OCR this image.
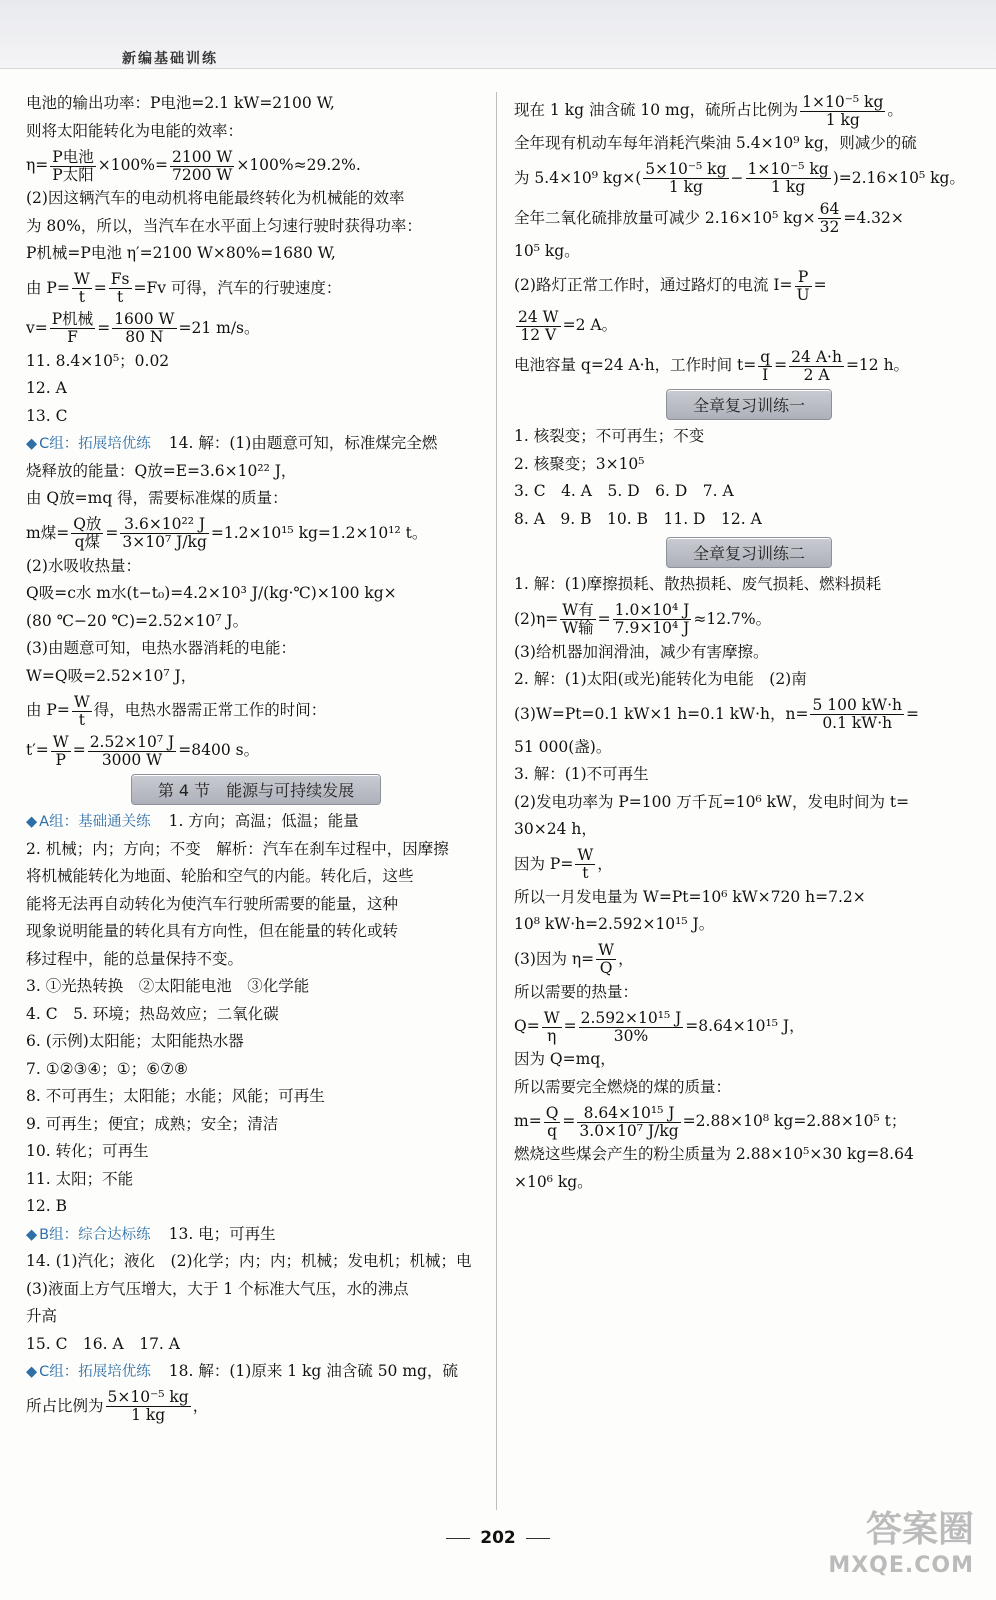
新编基础训练
电池的输出功率：P电池=2.1 kW=2100 W,
则将太阳能转化为电能的效率：
$\eta= \frac{\text{P电池}}{\text{P太阳}} \times 100\%= \frac{2100 W}{7200 W} \times 100\%\approx 29.2\%$.
(2)因这辆汽车的电动机将电能最终转化为机械能的效率
为 80%，所以，当汽车在水平面上匀速行驶时获得功率：
P机械=P电池 η′=2100 W×80%=1680 W,
由 $P= \frac{W}{t} = \frac{Fs}{t} =Fv$ 可得，汽车的行驶速度：
$v= \frac{\text{P机械}}{F} = \frac{1600 W}{80 N} =21$ m/s。
11. 8.4×10⁵；0.02
12. A
13. C
◆ C组：拓展培优练 14. 解：(1)由题意可知，标准煤完全燃
烧释放的能量：Q放=E=3.6×10²² J，
由 Q放=mq 得，需要标准煤的质量：
m煤= $\frac{\text{Q放}}{\text{q煤}} = \frac{\text{3.6×10²² J}}{\text{3×10⁷ J/kg}} =1.2\times 10^{15}$ kg=1.2×10¹² t。
(2)水吸收热量：
Q吸=c水 m水(t−t₀)=4.2×10³ J/(kg·℃)×100 kg×
(80 ℃−20 ℃)=2.52×10⁷ J。
(3)由题意可知，电热水器消耗的电能：
W=Q吸=2.52×10⁷ J，
由 $P= \frac{W}{t}$ 得，电热水器需正常工作的时间：
$t'= \frac{W}{P} = \frac{\text{2.52×10⁷ J}}{3000 W} =8400$ s。
第 4 节　能源与可持续发展
◆ A组：基础通关练 1. 方向；高温；低温；能量
2. 机械；内；方向；不变　解析：汽车在刹车过程中，因摩擦
将机械能转化为地面、轮胎和空气的内能。转化后，这些
能将无法再自动转化为使汽车行驶所需要的能量，这种
现象说明能量的转化具有方向性，但在能量的转化或转
移过程中，能的总量保持不变。
3. ①光热转换　②太阳能电池　③化学能
4. C　5. 环境；热岛效应；二氧化碳
6. (示例)太阳能；太阳能热水器
7. ①②③④；①；⑥⑦⑧
8. 不可再生；太阳能；水能；风能；可再生
9. 可再生；便宜；成熟；安全；清洁
10. 转化；可再生
11. 太阳；不能
12. B
◆ B组：综合达标练 13. 电；可再生
14. (1)汽化；液化　(2)化学；内；内；机械；发电机；机械；电
(3)液面上方气压增大，大于 1 个标准大气压，水的沸点
升高
15. C　16. A　17. A
◆ C组：拓展培优练 18. 解：(1)原来 1 kg 油含硫 50 mg，硫
所占比例为 $\frac{\text{5×10⁻⁵ kg}}{1 kg}$ ，
现在 1 kg 油含硫 10 mg，硫所占比例为 $\frac{\text{1×10⁻⁵ kg}}{1 kg}$ 。
全年现有机动车每年消耗汽柴油 5.4×10⁹ kg，则减少的硫
为 5.4×10⁹ $kg\times( \frac{\text{5×10⁻⁵ kg}}{1 kg} - \frac{\text{1×10⁻⁵ kg}}{1 kg} )=2.16\times 10^5$ kg。
全年二氧化硫排放量可减少 2.16×10⁵ $kg\times \frac{64}{32} =4.32\times$
10⁵ kg。
(2)路灯正常工作时，通过路灯的电流 $I= \frac{P}{U}$ =
$\frac{24 W}{12 V} =2$ A。
电池容量 q=24 A·h，工作时间 $t= \frac{q}{I} = \frac{24 A\cdot h}{2 A} =12$ h。
全章复习训练一
1. 核裂变；不可再生；不变
2. 核聚变；3×10⁵
3. C　4. A　5. D　6. D　7. A
8. A　9. B　10. B　11. D　12. A
全章复习训练二
1. 解：(1)摩擦损耗、散热损耗、废气损耗、燃料损耗
$(2)\eta= \frac{\text{W有}}{\text{W输}} = \frac{\text{1.0×10⁴ J}}{\text{7.9×10⁴ J}} \approx 12.7\%$。
(3)给机器加润滑油，减少有害摩擦。
2. 解：(1)太阳(或光)能转化为电能　(2)南
(3)W=Pt=0.1 kW×1 h=0.1 kW·h，$n= \frac{5 100 kW\cdot h}{0.1 kW\cdot h}$ =
51 000(盏)。
3. 解：(1)不可再生
(2)发电功率为 P=100 万千瓦=10⁶ kW，发电时间为 t=
30×24 h，
因为 $P= \frac{W}{t}$ ，
所以一月发电量为 W=Pt=10⁶ kW×720 h=7.2×
10⁸ kW·h=2.592×10¹⁵ J。
(3)因为 $\eta= \frac{W}{Q}$ ，
所以需要的热量：
$Q= \frac{W}{\eta} = \frac{\text{2.592×10¹⁵ J}}{30\%} =8.64\times 10^{15}$ J，
因为 Q=mq，
所以需要完全燃烧的煤的质量：
$m= \frac{Q}{q} = \frac{\text{8.64×10¹⁵ J}}{\text{3.0×10⁷ J/kg}} =2.88\times 10^8$ kg=2.88×10⁵ t；
燃烧这些煤会产生的粉尘质量为 2.88×10⁵×30 kg=8.64
×10⁶ kg。
202	答案圈
MXQE.COM
